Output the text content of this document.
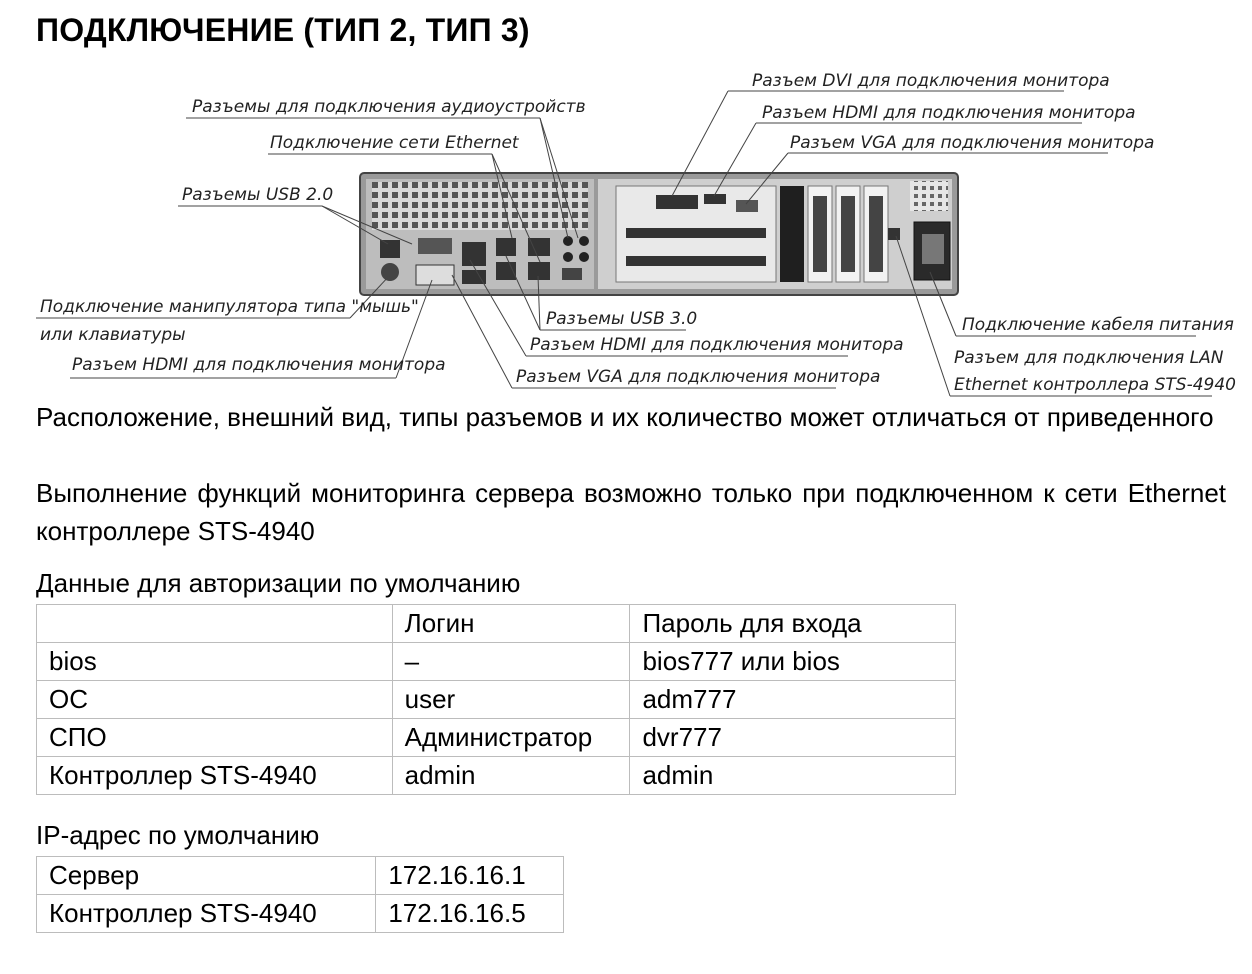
ПОДКЛЮЧЕНИЕ (ТИП 2, ТИП 3)
Разъем DVI для подключения монитора
Разъем HDMI для подключения монитора
Разъем VGA для подключения монитора
Разъемы для подключения аудиоустройств
Подключение сети Ethernet
Разъемы USB 2.0
Подключение манипулятора типа "мышь"
или клавиатуры
Разъем HDMI для подключения монитора
Разъемы USB 3.0
Разъем HDMI для подключения монитора
Разъем VGA для подключения монитора
Подключение кабеля питания
Разъем для подключения LAN
Ethernet контроллера STS-4940
Расположение, внешний вид, типы разъемов и их количество может отличаться от приведенного
Выполнение функций мониторинга сервера возможно только при подключенном к сети Ethernet контроллере STS-4940
Данные для авторизации по умолчанию
	Логин	Пароль для входа
bios	–	bios777 или bios
ОС	user	adm777
СПО	Администратор	dvr777
Контроллер STS-4940	admin	admin
IP-адрес по умолчанию
Сервер	172.16.16.1
Контроллер STS-4940	172.16.16.5
